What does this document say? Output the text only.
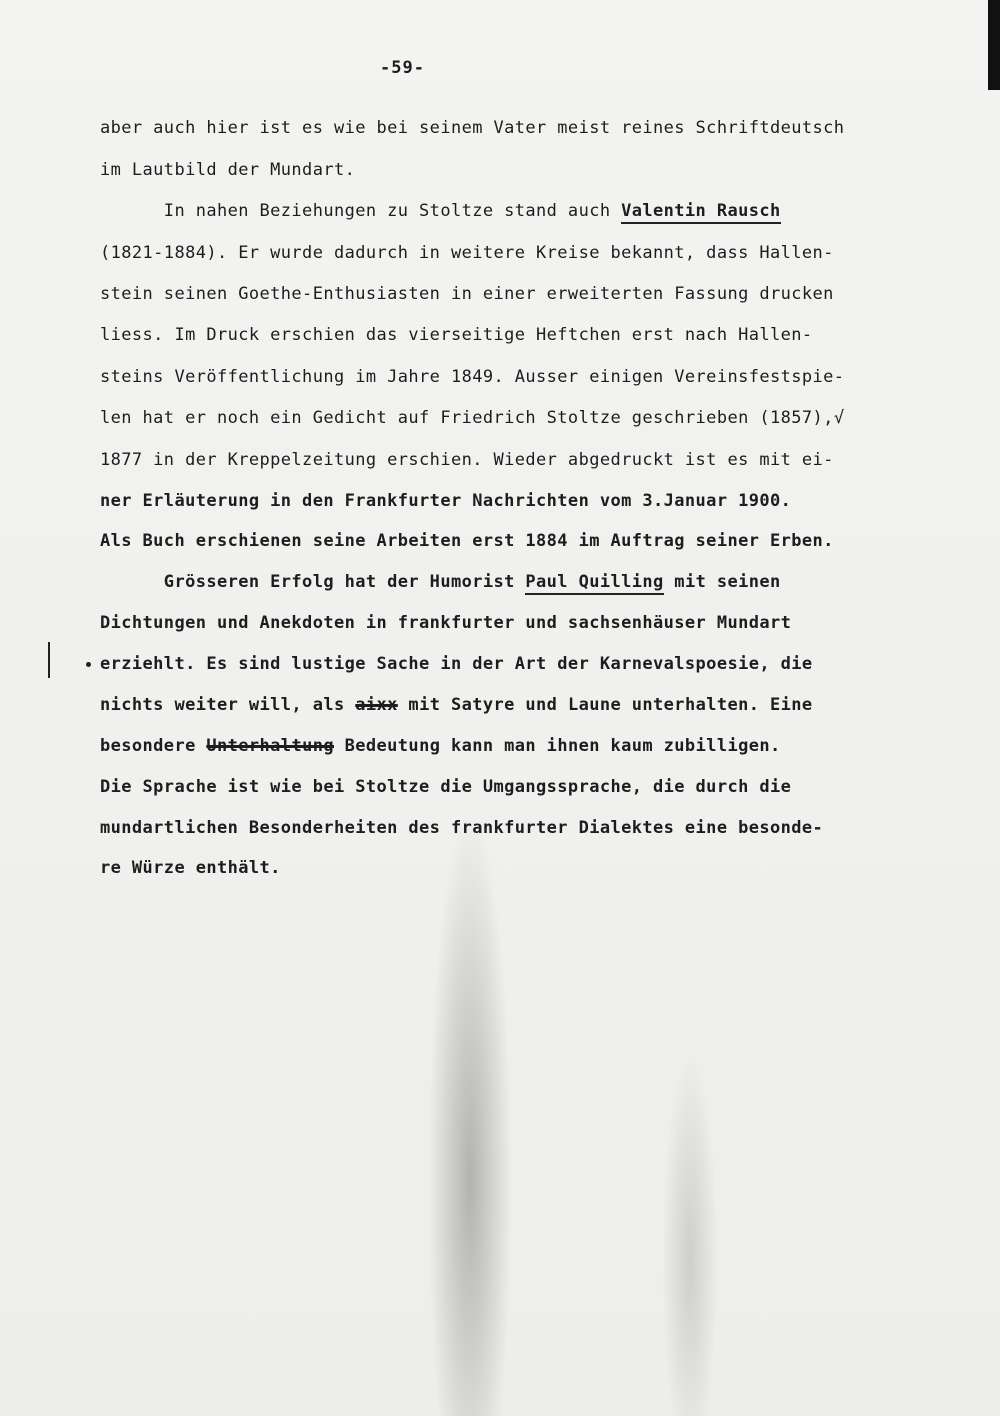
-59-
aber auch hier ist es wie bei seinem Vater meist reines Schriftdeutsch
im Lautbild der Mundart.
In nahen Beziehungen zu Stoltze stand auch Valentin Rausch
(1821-1884). Er wurde dadurch in weitere Kreise bekannt, dass Hallen-
stein seinen Goethe-Enthusiasten in einer erweiterten Fassung drucken
liess. Im Druck erschien das vierseitige Heftchen erst nach Hallen-
steins Veröffentlichung im Jahre 1849. Ausser einigen Vereinsfestspie-
len hat er noch ein Gedicht auf Friedrich Stoltze geschrieben (1857),√
1877 in der Kreppelzeitung erschien. Wieder abgedruckt ist es mit ei-
ner Erläuterung in den Frankfurter Nachrichten vom 3.Januar 1900.
Als Buch erschienen seine Arbeiten erst 1884 im Auftrag seiner Erben.
Grösseren Erfolg hat der Humorist Paul Quilling mit seinen
Dichtungen und Anekdoten in frankfurter und sachsenhäuser Mundart
erziehlt. Es sind lustige Sache in der Art der Karnevalspoesie, die
nichts weiter will, als aixx mit Satyre und Laune unterhalten. Eine
besondere Unterhaltung Bedeutung kann man ihnen kaum zubilligen.
Die Sprache ist wie bei Stoltze die Umgangssprache, die durch die
mundartlichen Besonderheiten des frankfurter Dialektes eine besonde-
re Würze enthält.
